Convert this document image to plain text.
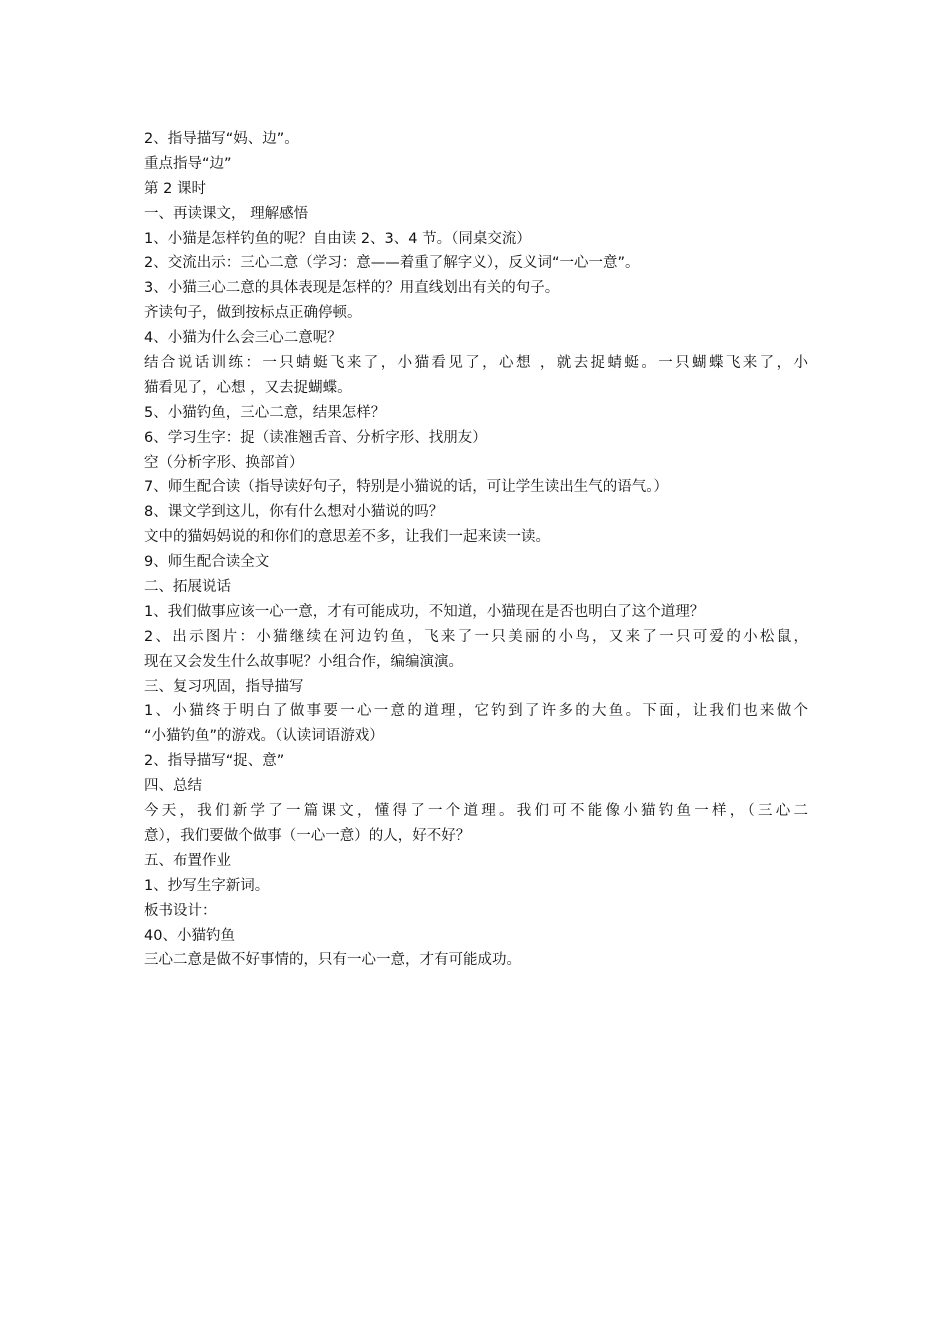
2、指导描写“妈、边”。

重点指导“边”

第 2 课时

一、再读课文， 理解感悟

1、小猫是怎样钓鱼的呢？自由读 2、3、4 节。（同桌交流）

2、交流出示：三心二意（学习：意——着重了解字义），反义词“一心一意”。

3、小猫三心二意的具体表现是怎样的？用直线划出有关的句子。

齐读句子，做到按标点正确停顿。

4、小猫为什么会三心二意呢？

结合说话训练：一只蜻蜓飞来了，小猫看见了，心想 ，就去捉蜻蜓。一只蝴蝶飞来了，小

猫看见了，心想 ，又去捉蝴蝶。

5、小猫钓鱼，三心二意，结果怎样？

6、学习生字：捉（读准翘舌音、分析字形、找朋友）

空（分析字形、换部首）

7、师生配合读（指导读好句子，特别是小猫说的话，可让学生读出生气的语气。）

8、课文学到这儿，你有什么想对小猫说的吗？

文中的猫妈妈说的和你们的意思差不多，让我们一起来读一读。

9、师生配合读全文

二、拓展说话

1、我们做事应该一心一意，才有可能成功，不知道，小猫现在是否也明白了这个道理？

2、出示图片：小猫继续在河边钓鱼，飞来了一只美丽的小鸟，又来了一只可爱的小松鼠，

现在又会发生什么故事呢？小组合作，编编演演。

三、复习巩固，指导描写

1、小猫终于明白了做事要一心一意的道理，它钓到了许多的大鱼。下面，让我们也来做个

“小猫钓鱼”的游戏。（认读词语游戏）

2、指导描写“捉、意”

四、总结

今天，我们新学了一篇课文，懂得了一个道理。我们可不能像小猫钓鱼一样，（三心二

意），我们要做个做事（一心一意）的人，好不好？

五、布置作业

1、抄写生字新词。

板书设计：

40、小猫钓鱼

三心二意是做不好事情的，只有一心一意，才有可能成功。
